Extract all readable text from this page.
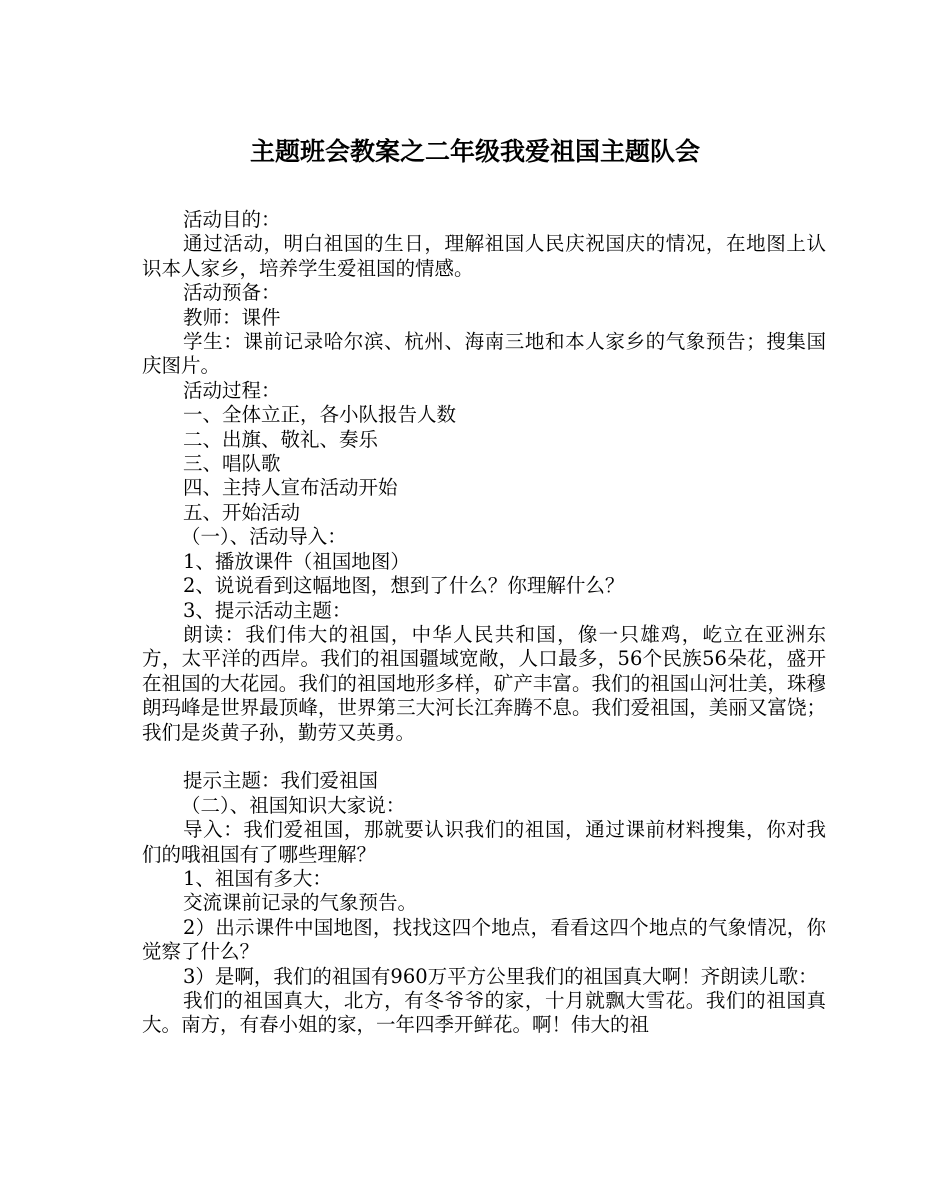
主题班会教案之二年级我爱祖国主题队会

活动目的：

通过活动，明白祖国的生日，理解祖国人民庆祝国庆的情况，在地图上认识本人家乡，培养学生爱祖国的情感。

活动预备：

教师：课件

学生：课前记录哈尔滨、杭州、海南三地和本人家乡的气象预告；搜集国庆图片。

活动过程：

一、全体立正，各小队报告人数

二、出旗、敬礼、奏乐

三、唱队歌

四、主持人宣布活动开始

五、开始活动

（一）、活动导入：

1、播放课件（祖国地图）

2、说说看到这幅地图，想到了什么？你理解什么？

3、提示活动主题：

朗读：我们伟大的祖国，中华人民共和国，像一只雄鸡，屹立在亚洲东方，太平洋的西岸。我们的祖国疆域宽敞，人口最多，56个民族56朵花，盛开在祖国的大花园。我们的祖国地形多样，矿产丰富。我们的祖国山河壮美，珠穆朗玛峰是世界最顶峰，世界第三大河长江奔腾不息。我们爱祖国，美丽又富饶；我们是炎黄子孙，勤劳又英勇。

提示主题：我们爱祖国

（二）、祖国知识大家说：

导入：我们爱祖国，那就要认识我们的祖国，通过课前材料搜集，你对我们的哦祖国有了哪些理解？

1、祖国有多大：

交流课前记录的气象预告。

2）出示课件中国地图，找找这四个地点，看看这四个地点的气象情况，你觉察了什么？

3）是啊，我们的祖国有960万平方公里我们的祖国真大啊！齐朗读儿歌：

我们的祖国真大，北方，有冬爷爷的家，十月就飘大雪花。我们的祖国真大。南方，有春小姐的家，一年四季开鲜花。啊！伟大的祖
